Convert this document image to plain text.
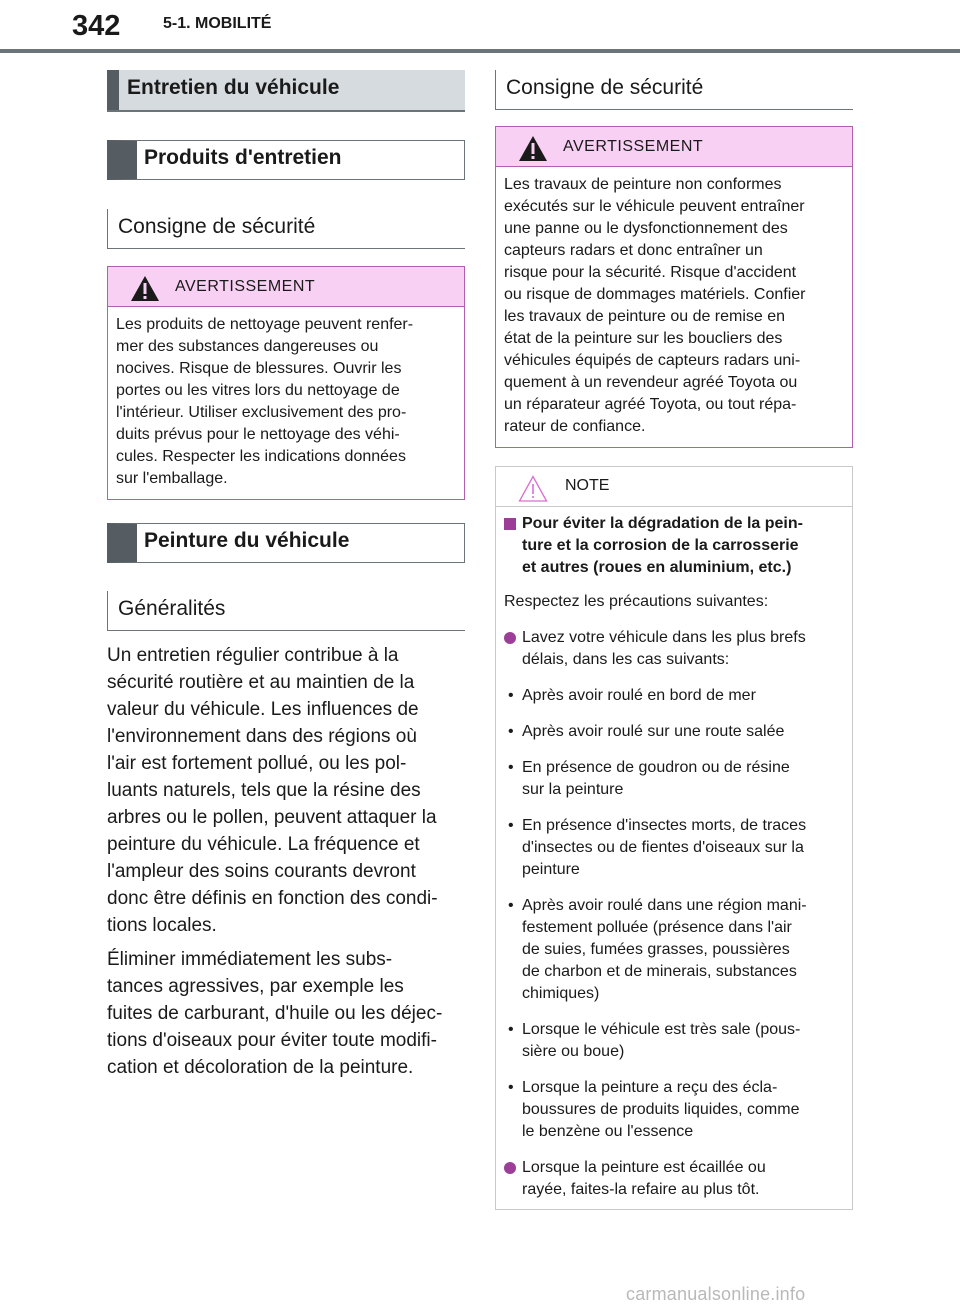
342	5-1. MOBILITÉ
Entretien du véhicule
Produits d'entretien
Consigne de sécurité
AVERTISSEMENT
Les produits de nettoyage peuvent renfer-
mer des substances dangereuses ou
nocives. Risque de blessures. Ouvrir les
portes ou les vitres lors du nettoyage de
l'intérieur. Utiliser exclusivement des pro-
duits prévus pour le nettoyage des véhi-
cules. Respecter les indications données
sur l'emballage.
Peinture du véhicule
Généralités
Un entretien régulier contribue à la
sécurité routière et au maintien de la
valeur du véhicule. Les influences de
l'environnement dans des régions où
l'air est fortement pollué, ou les pol-
luants naturels, tels que la résine des
arbres ou le pollen, peuvent attaquer la
peinture du véhicule. La fréquence et
l'ampleur des soins courants devront
donc être définis en fonction des condi-
tions locales.
Éliminer immédiatement les subs-
tances agressives, par exemple les
fuites de carburant, d'huile ou les déjec-
tions d'oiseaux pour éviter toute modifi-
cation et décoloration de la peinture.
Consigne de sécurité
AVERTISSEMENT
Les travaux de peinture non conformes
exécutés sur le véhicule peuvent entraîner
une panne ou le dysfonctionnement des
capteurs radars et donc entraîner un
risque pour la sécurité. Risque d'accident
ou risque de dommages matériels. Confier
les travaux de peinture ou de remise en
état de la peinture sur les boucliers des
véhicules équipés de capteurs radars uni-
quement à un revendeur agréé Toyota ou
un réparateur agréé Toyota, ou tout répa-
rateur de confiance.
NOTE
Pour éviter la dégradation de la pein-
ture et la corrosion de la carrosserie
et autres (roues en aluminium, etc.)
Respectez les précautions suivantes:
Lavez votre véhicule dans les plus brefs
délais, dans les cas suivants:
• Après avoir roulé en bord de mer
• Après avoir roulé sur une route salée
• En présence de goudron ou de résine
sur la peinture
• En présence d'insectes morts, de traces
d'insectes ou de fientes d'oiseaux sur la
peinture
• Après avoir roulé dans une région mani-
festement polluée (présence dans l'air
de suies, fumées grasses, poussières
de charbon et de minerais, substances
chimiques)
• Lorsque le véhicule est très sale (pous-
sière ou boue)
• Lorsque la peinture a reçu des écla-
boussures de produits liquides, comme
le benzène ou l'essence
Lorsque la peinture est écaillée ou
rayée, faites-la refaire au plus tôt.
carmanualsonline.info
